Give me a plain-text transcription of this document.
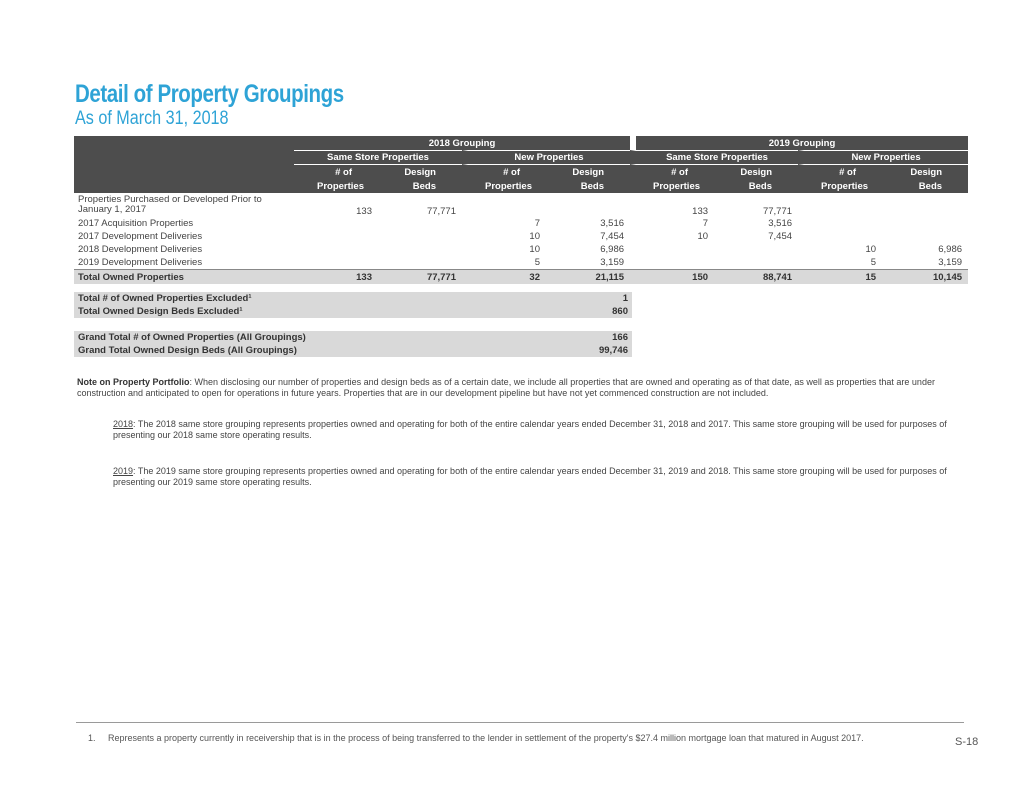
Detail of Property Groupings
As of March 31, 2018
	2018 Grouping				2019 Grouping			
	Same Store Properties		New Properties		Same Store Properties		New Properties	
	# of	Design	# of	Design	# of	Design	# of	Design
	Properties	Beds	Properties	Beds	Properties	Beds	Properties	Beds
Properties Purchased or Developed Prior to January 1, 2017	133	77,771			133	77,771		
2017 Acquisition Properties			7	3,516	7	3,516		
2017 Development Deliveries			10	7,454	10	7,454		
2018 Development Deliveries			10	6,986			10	6,986
2019 Development Deliveries			5	3,159			5	3,159
Total Owned Properties	133	77,771	32	21,115	150	88,741	15	10,145
Total # of Owned Properties Excluded¹	1
Total Owned Design Beds Excluded¹	860
Grand Total # of Owned Properties (All Groupings)	166
Grand Total Owned Design Beds (All Groupings)	99,746
Note on Property Portfolio: When disclosing our number of properties and design beds as of a certain date, we include all properties that are owned and operating as of that date, as well as properties that are under construction and anticipated to open for operations in future years. Properties that are in our development pipeline but have not yet commenced construction are not included.
2018: The 2018 same store grouping represents properties owned and operating for both of the entire calendar years ended December 31, 2018 and 2017. This same store grouping will be used for purposes of presenting our 2018 same store operating results.
2019: The 2019 same store grouping represents properties owned and operating for both of the entire calendar years ended December 31, 2019 and 2018. This same store grouping will be used for purposes of presenting our 2019 same store operating results.
1. Represents a property currently in receivership that is in the process of being transferred to the lender in settlement of the property's $27.4 million mortgage loan that matured in August 2017.	S-18
